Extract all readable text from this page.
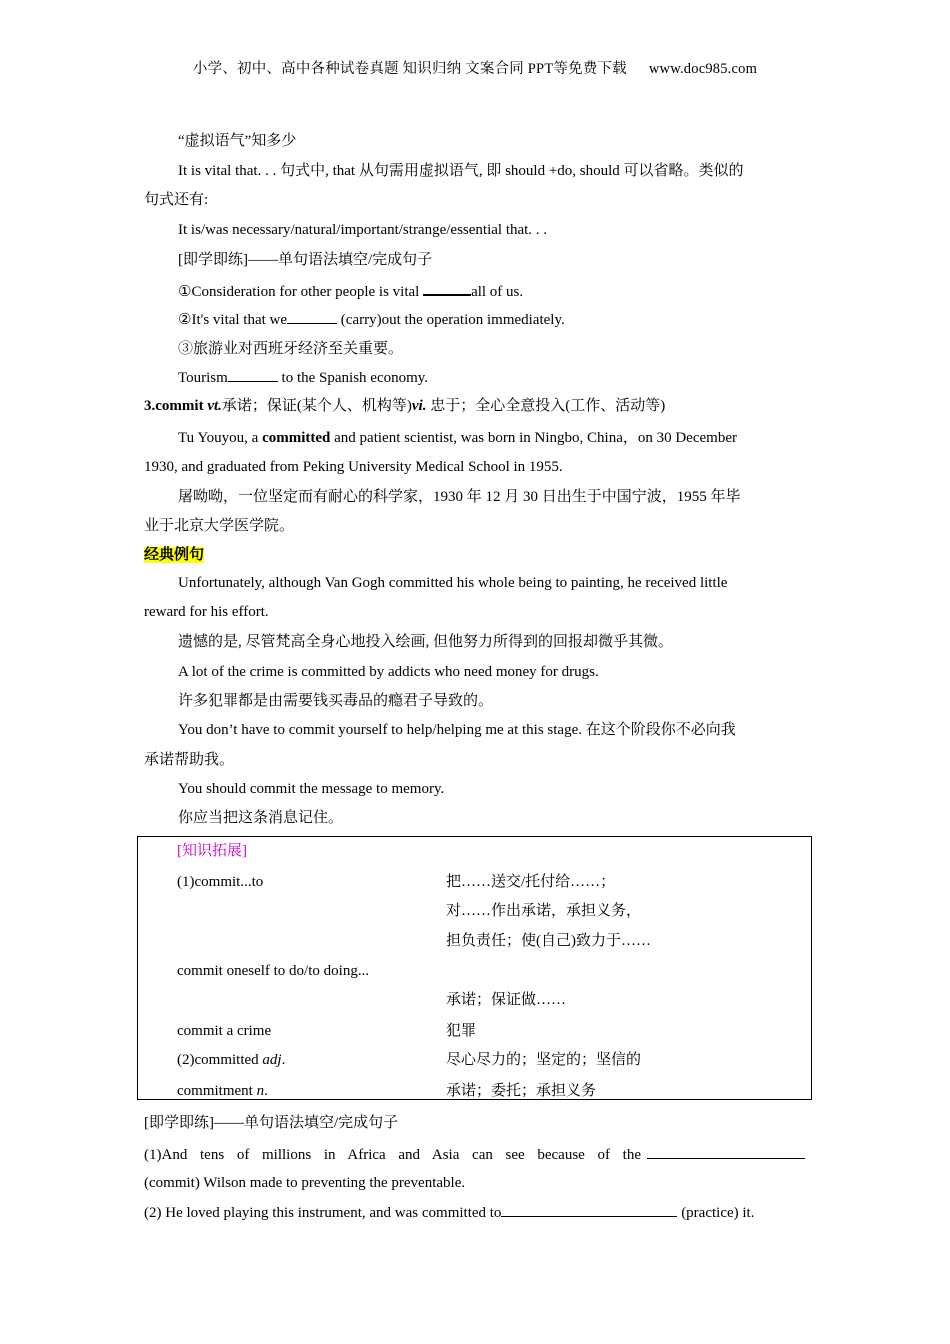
小学、初中、高中各种试卷真题 知识归纳 文案合同 PPT等免费下载 www.doc985.com
“虚拟语气”知多少
It is vital that. . . 句式中, that 从句需用虚拟语气, 即 should +do, should 可以省略。类似的
句式还有:
It is/was necessary/natural/important/strange/essential that. . .
[即学即练]——单句语法填空/完成句子
①Consideration for other people is vital	all of us.
②It's vital that we	(carry)out the operation immediately.
③旅游业对西班牙经济至关重要。
Tourism	to the Spanish economy.
3.commit vt.承诺；保证(某个人、机构等)vi. 忠于；全心全意投入(工作、活动等)
Tu Youyou, a committed and patient scientist, was born in Ningbo, China，on 30 December
1930, and graduated from Peking University Medical School in 1955.
屠呦呦，一位坚定而有耐心的科学家，1930 年 12 月 30 日出生于中国宁波，1955 年毕
业于北京大学医学院。
经典例句
Unfortunately, although Van Gogh committed his whole being to painting, he received little
reward for his effort.
遗憾的是, 尽管梵高全身心地投入绘画, 但他努力所得到的回报却微乎其微。
A lot of the crime is committed by addicts who need money for drugs.
许多犯罪都是由需要钱买毒品的瘾君子导致的。
You don’t have to commit yourself to help/helping me at this stage. 在这个阶段你不必向我
承诺帮助我。
You should commit the message to memory.
你应当把这条消息记住。
[知识拓展]
(1)commit...to	把……送交/托付给……；
对……作出承诺，承担义务，
担负责任；使(自己)致力于……
commit oneself to do/to doing...
承诺；保证做……
commit a crime	犯罪
(2)committed adj.	尽心尽力的；坚定的；坚信的
commitment n.	承诺；委托；承担义务
[即学即练]——单句语法填空/完成句子
(1)And tens of millions in Africa and Asia can see because of the
(commit) Wilson made to preventing the preventable.
(2) He loved playing this instrument, and was committed to	(practice) it.
